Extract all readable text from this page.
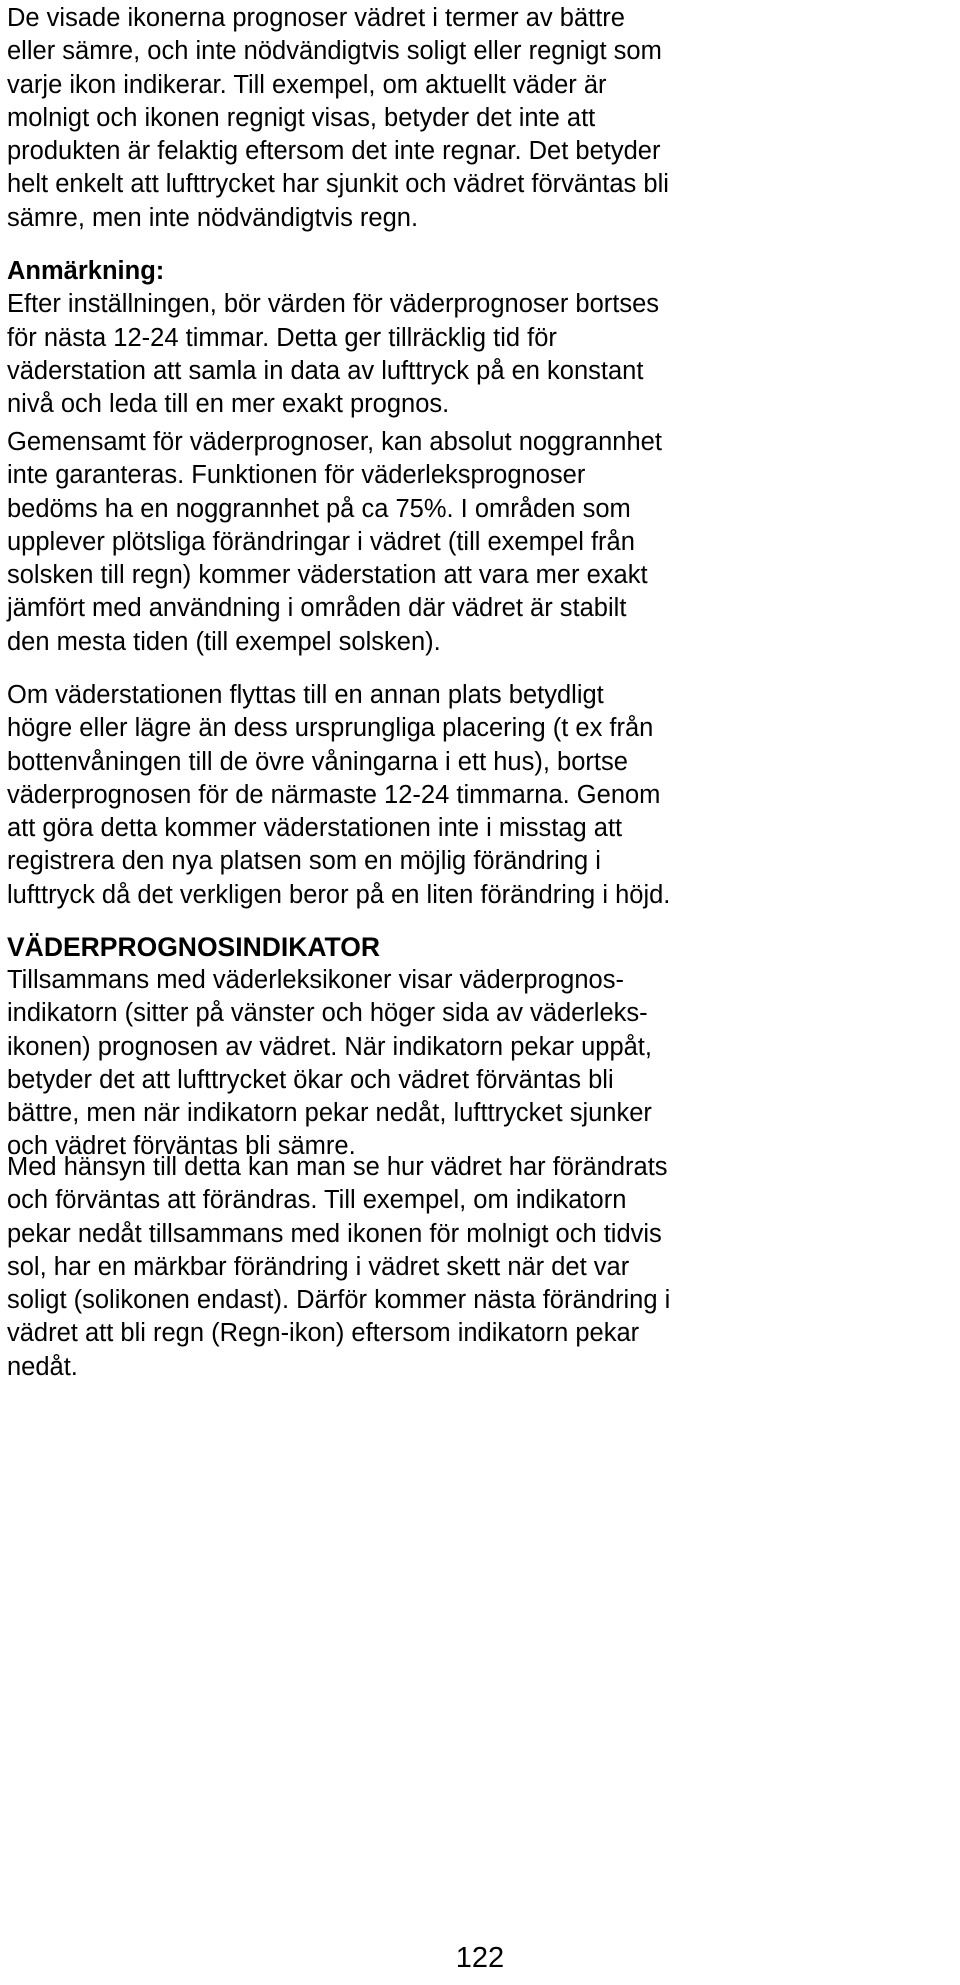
De visade ikonerna prognoser vädret i termer av bättre
eller sämre, och inte nödvändigtvis soligt eller regnigt som
varje ikon indikerar. Till exempel, om aktuellt väder är
molnigt och ikonen regnigt visas, betyder det inte att
produkten är felaktig eftersom det inte regnar. Det betyder
helt enkelt att lufttrycket har sjunkit och vädret förväntas bli
sämre, men inte nödvändigtvis regn.
Anmärkning:
Efter inställningen, bör värden för väderprognoser bortses
för nästa 12-24 timmar. Detta ger tillräcklig tid för
väderstation att samla in data av lufttryck på en konstant
nivå och leda till en mer exakt prognos.
Gemensamt för väderprognoser, kan absolut noggrannhet
inte garanteras. Funktionen för väderleksprognoser
bedöms ha en noggrannhet på ca 75%. I områden som
upplever plötsliga förändringar i vädret (till exempel från
solsken till regn) kommer väderstation att vara mer exakt
jämfört med användning i områden där vädret är stabilt
den mesta tiden (till exempel solsken).
Om väderstationen flyttas till en annan plats betydligt
högre eller lägre än dess ursprungliga placering (t ex från
bottenvåningen till de övre våningarna i ett hus), bortse
väderprognosen för de närmaste 12-24 timmarna. Genom
att göra detta kommer väderstationen inte i misstag att
registrera den nya platsen som en möjlig förändring i
lufttryck då det verkligen beror på en liten förändring i höjd.
VÄDERPROGNOSINDIKATOR
Tillsammans med väderleksikoner visar väderprognos-
indikatorn (sitter på vänster och höger sida av väderleks-
ikonen) prognosen av vädret. När indikatorn pekar uppåt,
betyder det att lufttrycket ökar och vädret förväntas bli
bättre, men när indikatorn pekar nedåt, lufttrycket sjunker
och vädret förväntas bli sämre.
Med hänsyn till detta kan man se hur vädret har förändrats
och förväntas att förändras. Till exempel, om indikatorn
pekar nedåt tillsammans med ikonen för molnigt och tidvis
sol, har en märkbar förändring i vädret skett när det var
soligt (solikonen endast). Därför kommer nästa förändring i
vädret att bli regn (Regn-ikon) eftersom indikatorn pekar
nedåt.
122
